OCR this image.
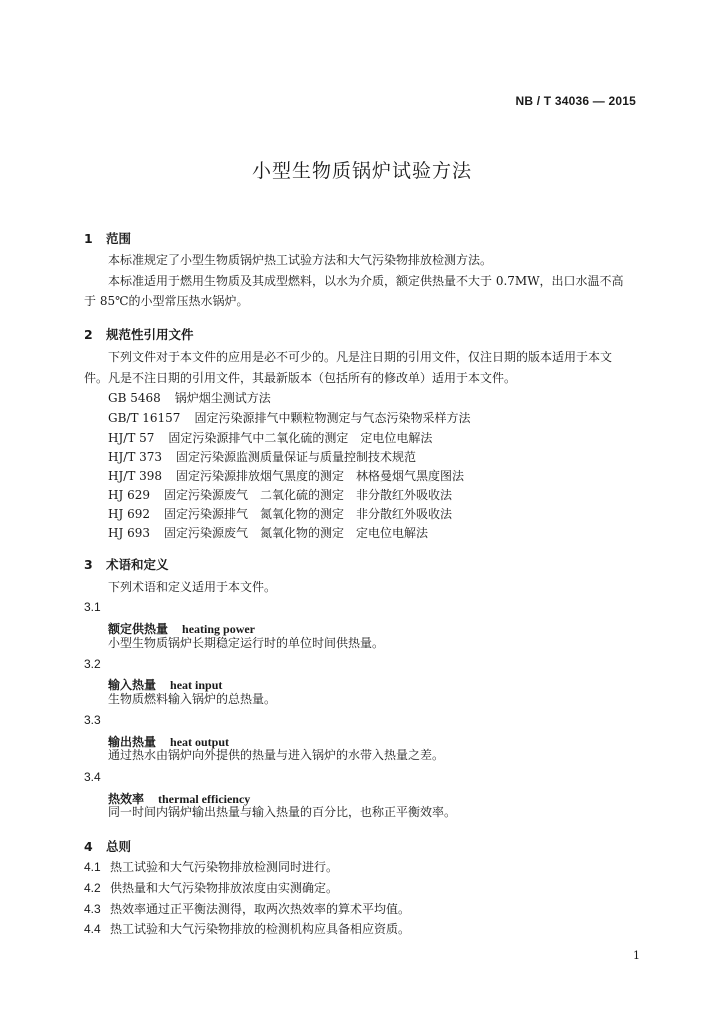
NB / T 34036 — 2015
小型生物质锅炉试验方法
1 范围
本标准规定了小型生物质锅炉热工试验方法和大气污染物排放检测方法。
本标准适用于燃用生物质及其成型燃料，以水为介质，额定供热量不大于 0.7MW，出口水温不高
于 85℃的小型常压热水锅炉。
2 规范性引用文件
下列文件对于本文件的应用是必不可少的。凡是注日期的引用文件，仅注日期的版本适用于本文
件。凡是不注日期的引用文件，其最新版本（包括所有的修改单）适用于本文件。
GB 5468 锅炉烟尘测试方法
GB/T 16157 固定污染源排气中颗粒物测定与气态污染物采样方法
HJ/T 57 固定污染源排气中二氧化硫的测定　定电位电解法
HJ/T 373 固定污染源监测质量保证与质量控制技术规范
HJ/T 398 固定污染源排放烟气黑度的测定　林格曼烟气黑度图法
HJ 629 固定污染源废气　二氧化硫的测定　非分散红外吸收法
HJ 692 固定污染源排气　氮氧化物的测定　非分散红外吸收法
HJ 693 固定污染源废气　氮氧化物的测定　定电位电解法
3 术语和定义
下列术语和定义适用于本文件。
3.1
额定供热量 heating power
小型生物质锅炉长期稳定运行时的单位时间供热量。
3.2
输入热量 heat input
生物质燃料输入锅炉的总热量。
3.3
输出热量 heat output
通过热水由锅炉向外提供的热量与进入锅炉的水带入热量之差。
3.4
热效率 thermal efficiency
同一时间内锅炉输出热量与输入热量的百分比，也称正平衡效率。
4 总则
4.1 热工试验和大气污染物排放检测同时进行。
4.2 供热量和大气污染物排放浓度由实测确定。
4.3 热效率通过正平衡法测得，取两次热效率的算术平均值。
4.4 热工试验和大气污染物排放的检测机构应具备相应资质。
1
